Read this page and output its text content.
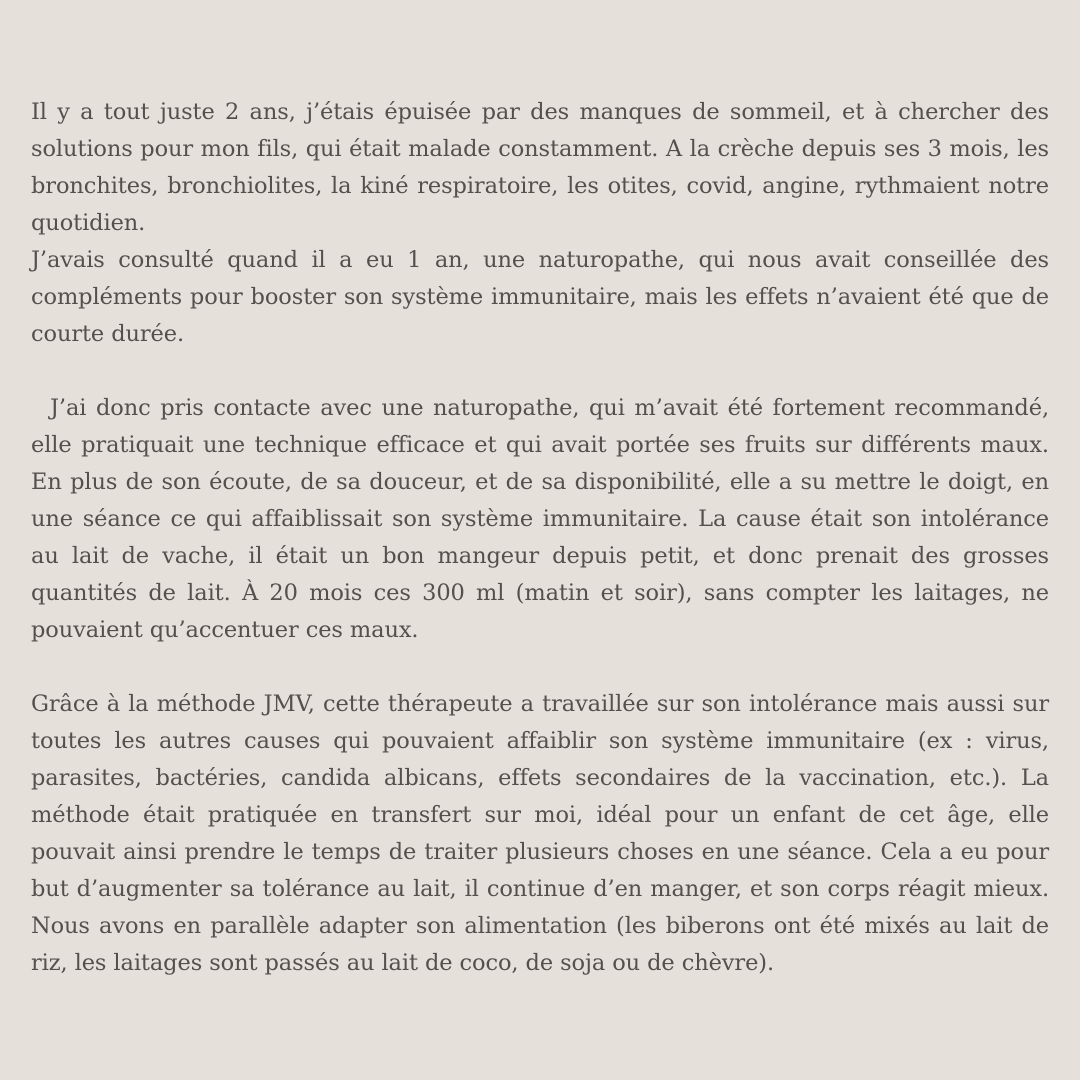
Il y a tout juste 2 ans, j’étais épuisée par des manques de sommeil, et à chercher des solutions pour mon fils, qui était malade constamment. A la crèche depuis ses 3 mois, les bronchites, bronchiolites, la kiné respiratoire, les otites, covid, angine, rythmaient notre quotidien.

J’avais consulté quand il a eu 1 an, une naturopathe, qui nous avait conseillée des compléments pour booster son système immunitaire, mais les effets n’avaient été que de courte durée.

J’ai donc pris contacte avec une naturopathe, qui m’avait été fortement recommandé, elle pratiquait une technique efficace et qui avait portée ses fruits sur différents maux. En plus de son écoute, de sa douceur, et de sa disponibilité, elle a su mettre le doigt, en une séance ce qui affaiblissait son système immunitaire. La cause était son intolérance au lait de vache, il était un bon mangeur depuis petit, et donc prenait des grosses quantités de lait. À 20 mois ces 300 ml (matin et soir), sans compter les laitages, ne pouvaient qu’accentuer ces maux.

Grâce à la méthode JMV, cette thérapeute a travaillée sur son intolérance mais aussi sur toutes les autres causes qui pouvaient affaiblir son système immunitaire (ex : virus, parasites, bactéries, candida albicans, effets secondaires de la vaccination, etc.). La méthode était pratiquée en transfert sur moi, idéal pour un enfant de cet âge, elle pouvait ainsi prendre le temps de traiter plusieurs choses en une séance. Cela a eu pour but d’augmenter sa tolérance au lait, il continue d’en manger, et son corps réagit mieux. Nous avons en parallèle adapter son alimentation (les biberons ont été mixés au lait de riz, les laitages sont passés au lait de coco, de soja ou de chèvre).
